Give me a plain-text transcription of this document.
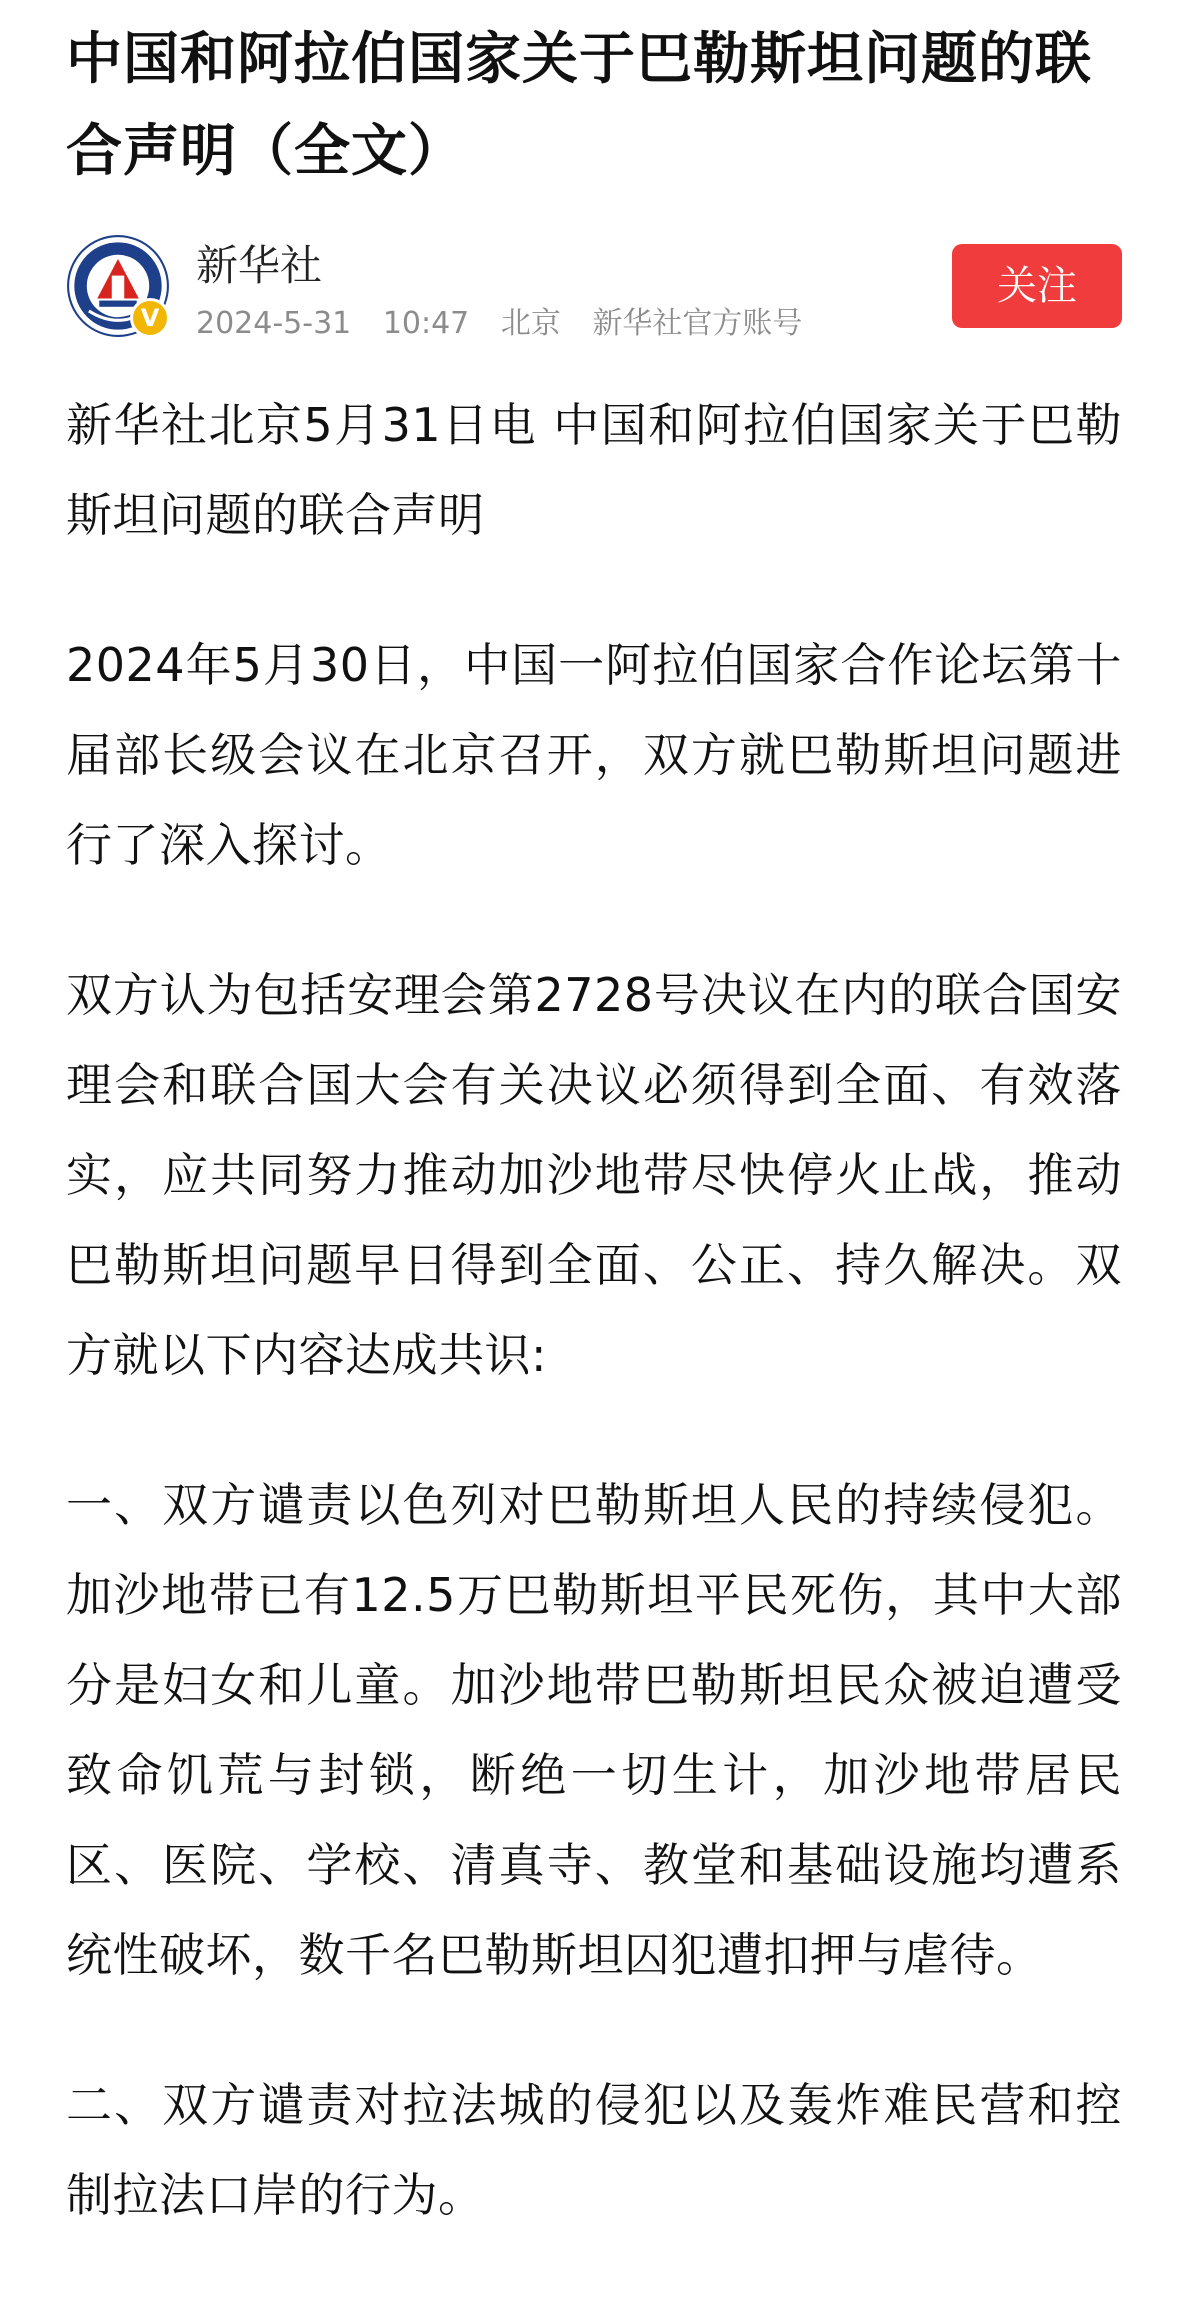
中国和阿拉伯国家关于巴勒斯坦问题的联合声明（全文）
V
新华社
2024-5-31 10:47 北京 新华社官方账号
关注

新华社北京5月31日电 中国和阿拉伯国家关于巴勒斯坦问题的联合声明

2024年5月30日，中国一阿拉伯国家合作论坛第十届部长级会议在北京召开，双方就巴勒斯坦问题进行了深入探讨。

双方认为包括安理会第2728号决议在内的联合国安理会和联合国大会有关决议必须得到全面、有效落实，应共同努力推动加沙地带尽快停火止战，推动巴勒斯坦问题早日得到全面、公正、持久解决。双方就以下内容达成共识:

一、双方谴责以色列对巴勒斯坦人民的持续侵犯。加沙地带已有12.5万巴勒斯坦平民死伤，其中大部分是妇女和儿童。加沙地带巴勒斯坦民众被迫遭受致命饥荒与封锁，断绝一切生计，加沙地带居民区、医院、学校、清真寺、教堂和基础设施均遭系统性破坏，数千名巴勒斯坦囚犯遭扣押与虐待。

二、双方谴责对拉法城的侵犯以及轰炸难民营和控制拉法口岸的行为。
